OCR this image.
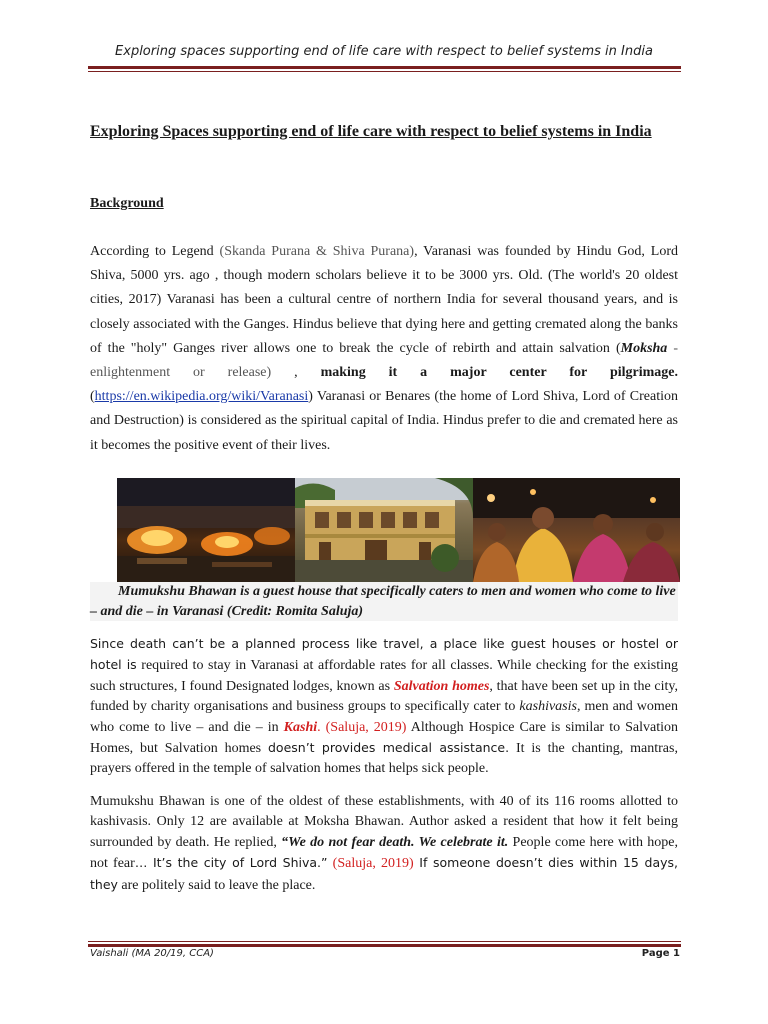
Exploring spaces supporting end of life care with respect to belief systems in India
Exploring Spaces supporting end of life care with respect to belief systems in India
Background
According to Legend (Skanda Purana & Shiva Purana), Varanasi was founded by Hindu God, Lord Shiva, 5000 yrs. ago , though modern scholars believe it to be 3000 yrs. Old. (The world's 20 oldest cities, 2017) Varanasi has been a cultural centre of northern India for several thousand years, and is closely associated with the Ganges. Hindus believe that dying here and getting cremated along the banks of the "holy" Ganges river allows one to break the cycle of rebirth and attain salvation (Moksha - enlightenment or release) , making it a major center for pilgrimage. (https://en.wikipedia.org/wiki/Varanasi) Varanasi or Benares (the home of Lord Shiva, Lord of Creation and Destruction) is considered as the spiritual capital of India. Hindus prefer to die and cremated here as it becomes the positive event of their lives.
Mumukshu Bhawan is a guest house that specifically caters to men and women who come to live – and die – in Varanasi (Credit: Romita Saluja)
Since death can’t be a planned process like travel, a place like guest houses or hostel or hotel is required to stay in Varanasi at affordable rates for all classes. While checking for the existing such structures, I found Designated lodges, known as Salvation homes, that have been set up in the city, funded by charity organisations and business groups to specifically cater to kashivasis, men and women who come to live – and die – in Kashi. (Saluja, 2019) Although Hospice Care is similar to Salvation Homes, but Salvation homes doesn’t provides medical assistance. It is the chanting, mantras, prayers offered in the temple of salvation homes that helps sick people.
Mumukshu Bhawan is one of the oldest of these establishments, with 40 of its 116 rooms allotted to kashivasis. Only 12 are available at Moksha Bhawan. Author asked a resident that how it felt being surrounded by death. He replied, “We do not fear death. We celebrate it. People come here with hope, not fear… It’s the city of Lord Shiva.” (Saluja, 2019) If someone doesn’t dies within 15 days, they are politely said to leave the place.
Vaishali (MA 20/19, CCA)	Page 1
